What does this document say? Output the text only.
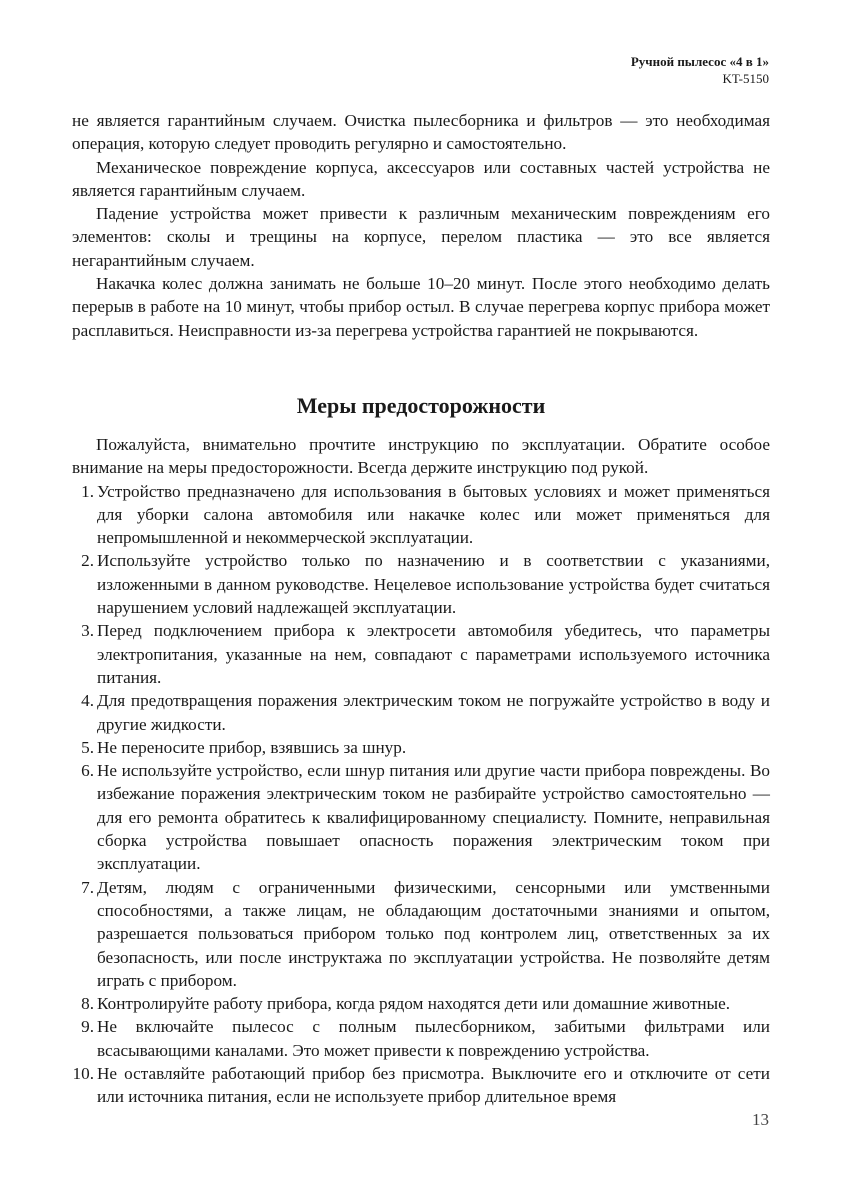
Ручной пылесос «4 в 1»
KT-5150

не является гарантийным случаем. Очистка пылесборника и фильтров — это необходимая операция, которую следует проводить регулярно и самостоятельно.

Механическое повреждение корпуса, аксессуаров или составных частей устройства не является гарантийным случаем.

Падение устройства может привести к различным механическим повреждениям его элементов: сколы и трещины на корпусе, перелом пластика — это все является негарантийным случаем.

Накачка колес должна занимать не больше 10–20 минут. После этого необходимо делать перерыв в работе на 10 минут, чтобы прибор остыл. В случае перегрева корпус прибора может расплавиться. Неисправности из-за перегрева устройства гарантией не покрываются.

Меры предосторожности

Пожалуйста, внимательно прочтите инструкцию по эксплуатации. Обратите особое внимание на меры предосторожности. Всегда держите инструкцию под рукой.

1. Устройство предназначено для использования в бытовых условиях и может применяться для уборки салона автомобиля или накачке колес или может применяться для непромышленной и некоммерческой эксплуатации.
2. Используйте устройство только по назначению и в соответствии с указаниями, изложенными в данном руководстве. Нецелевое использование устройства будет считаться нарушением условий надлежащей эксплуатации.
3. Перед подключением прибора к электросети автомобиля убедитесь, что параметры электропитания, указанные на нем, совпадают с параметрами используемого источника питания.
4. Для предотвращения поражения электрическим током не погружайте устройство в воду и другие жидкости.
5. Не переносите прибор, взявшись за шнур.
6. Не используйте устройство, если шнур питания или другие части прибора повреждены. Во избежание поражения электрическим током не разбирайте устройство самостоятельно — для его ремонта обратитесь к квалифицированному специалисту. Помните, неправильная сборка устройства повышает опасность поражения электрическим током при эксплуатации.
7. Детям, людям с ограниченными физическими, сенсорными или умственными способностями, а также лицам, не обладающим достаточными знаниями и опытом, разрешается пользоваться прибором только под контролем лиц, ответственных за их безопасность, или после инструктажа по эксплуатации устройства. Не позволяйте детям играть с прибором.
8. Контролируйте работу прибора, когда рядом находятся дети или домашние животные.
9. Не включайте пылесос с полным пылесборником, забитыми фильтрами или всасывающими каналами. Это может привести к повреждению устройства.
10. Не оставляйте работающий прибор без присмотра. Выключите его и отключите от сети или источника питания, если не используете прибор длительное время
13
